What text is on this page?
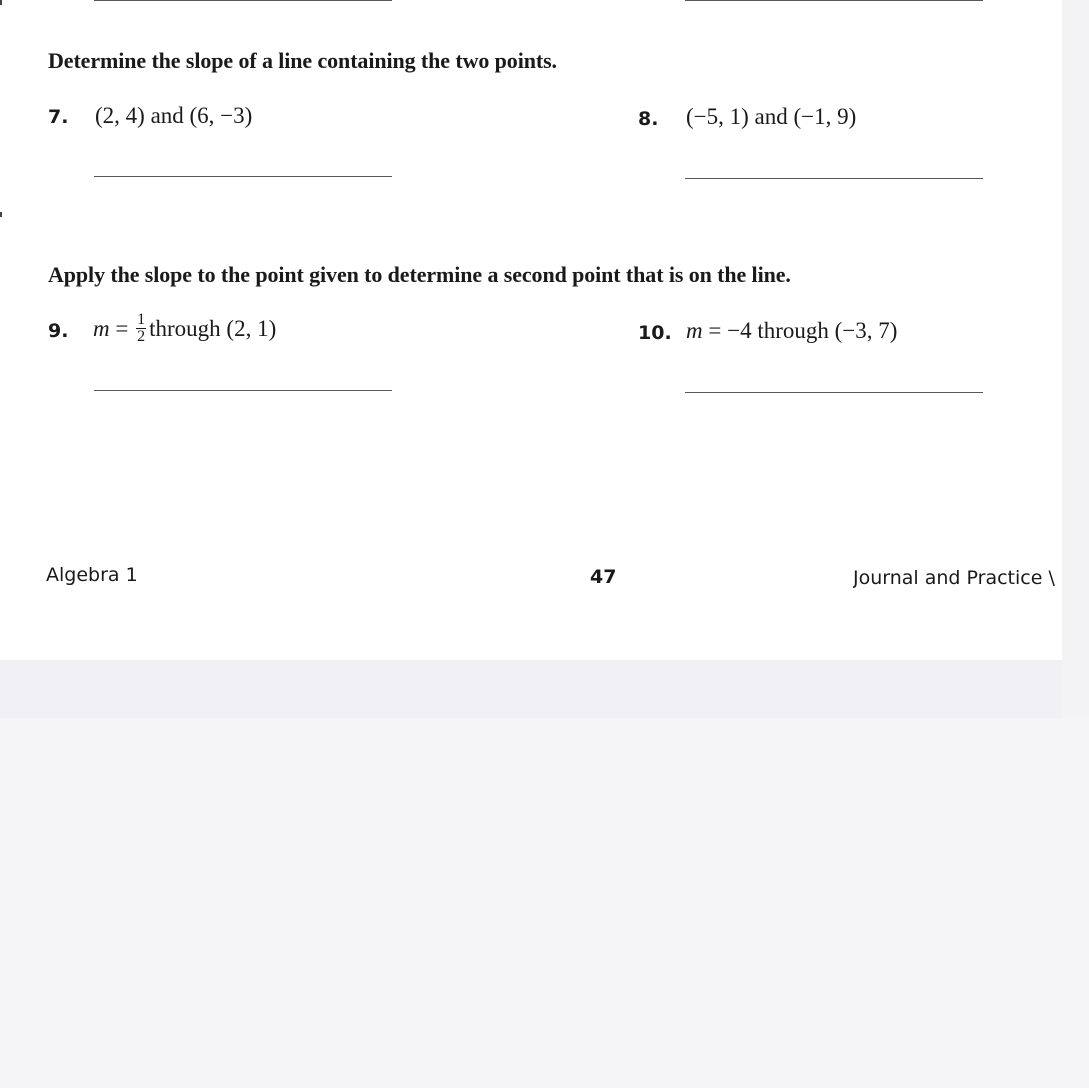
Determine the slope of a line containing the two points.
7. (2, 4) and (6, −3)	8. (−5, 1) and (−1, 9)
Apply the slope to the point given to determine a second point that is on the line.
9. $m = \frac{1}{2}$ through (2, 1)	10. m = −4 through (−3, 7)
Algebra 1	47	Journal and Practice \
